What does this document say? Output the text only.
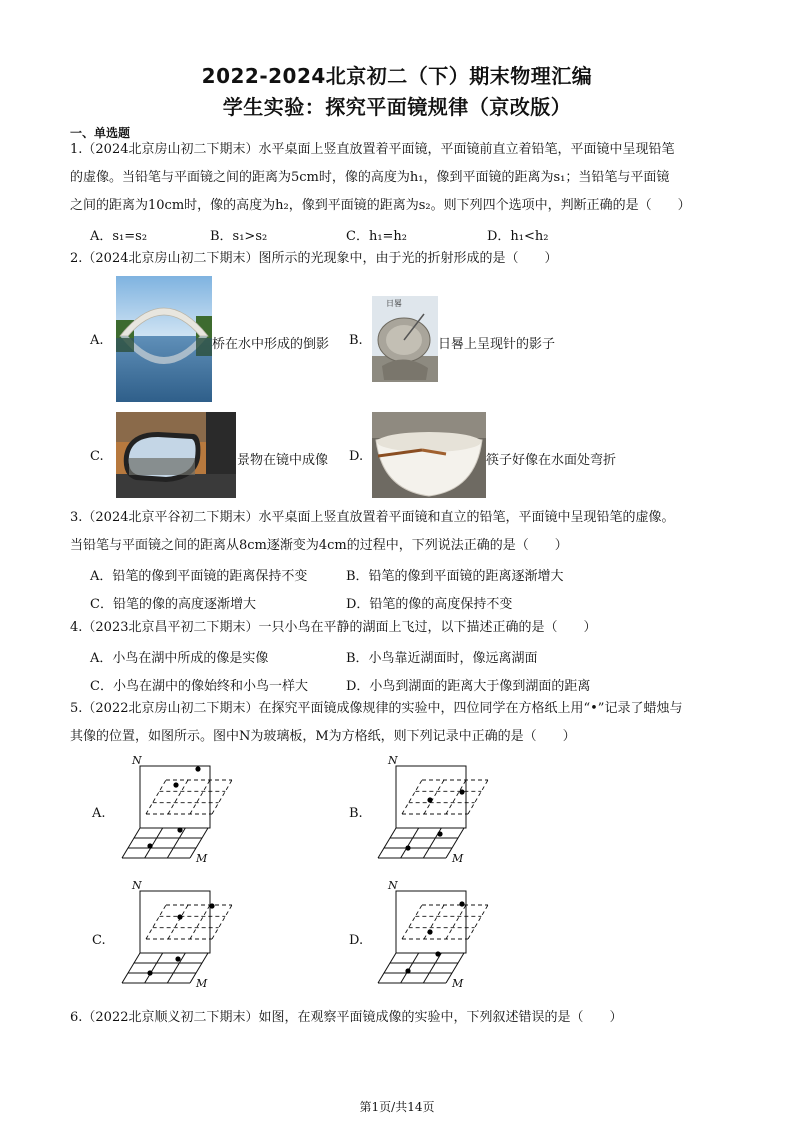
2022-2024北京初二（下）期末物理汇编
学生实验：探究平面镜规律（京改版）
一、单选题
1.（2024北京房山初二下期末）水平桌面上竖直放置着平面镜，平面镜前直立着铅笔，平面镜中呈现铅笔
的虚像。当铅笔与平面镜之间的距离为5cm时，像的高度为h₁，像到平面镜的距离为s₁；当铅笔与平面镜
之间的距离为10cm时，像的高度为h₂，像到平面镜的距离为s₂。则下列四个选项中，判断正确的是（　　）
A．s₁=s₂	B．s₁>s₂	C．h₁=h₂	D．h₁<h₂
2.（2024北京房山初二下期末）图所示的光现象中，由于光的折射形成的是（　　）
A.	桥在水中形成的倒影 B.
日晷
日晷上呈现针的影子
C.	景物在镜中成像 D.	筷子好像在水面处弯折
3.（2024北京平谷初二下期末）水平桌面上竖直放置着平面镜和直立的铅笔，平面镜中呈现铅笔的虚像。
当铅笔与平面镜之间的距离从8cm逐渐变为4cm的过程中，下列说法正确的是（　　）
A．铅笔的像到平面镜的距离保持不变	B．铅笔的像到平面镜的距离逐渐增大
C．铅笔的像的高度逐渐增大	D．铅笔的像的高度保持不变
4.（2023北京昌平初二下期末）一只小鸟在平静的湖面上飞过，以下描述正确的是（　　）
A．小鸟在湖中所成的像是实像	B．小鸟靠近湖面时，像远离湖面
C．小鸟在湖中的像始终和小鸟一样大	D．小鸟到湖面的距离大于像到湖面的距离
5.（2022北京房山初二下期末）在探究平面镜成像规律的实验中，四位同学在方格纸上用“•”记录了蜡烛与
其像的位置，如图所示。图中N为玻璃板，M为方格纸，则下列记录中正确的是（　　）
A.	B.
C.	D.
N
M
N
M
N
M
N
M
6.（2022北京顺义初二下期末）如图，在观察平面镜成像的实验中，下列叙述错误的是（　　）
第1页/共14页
